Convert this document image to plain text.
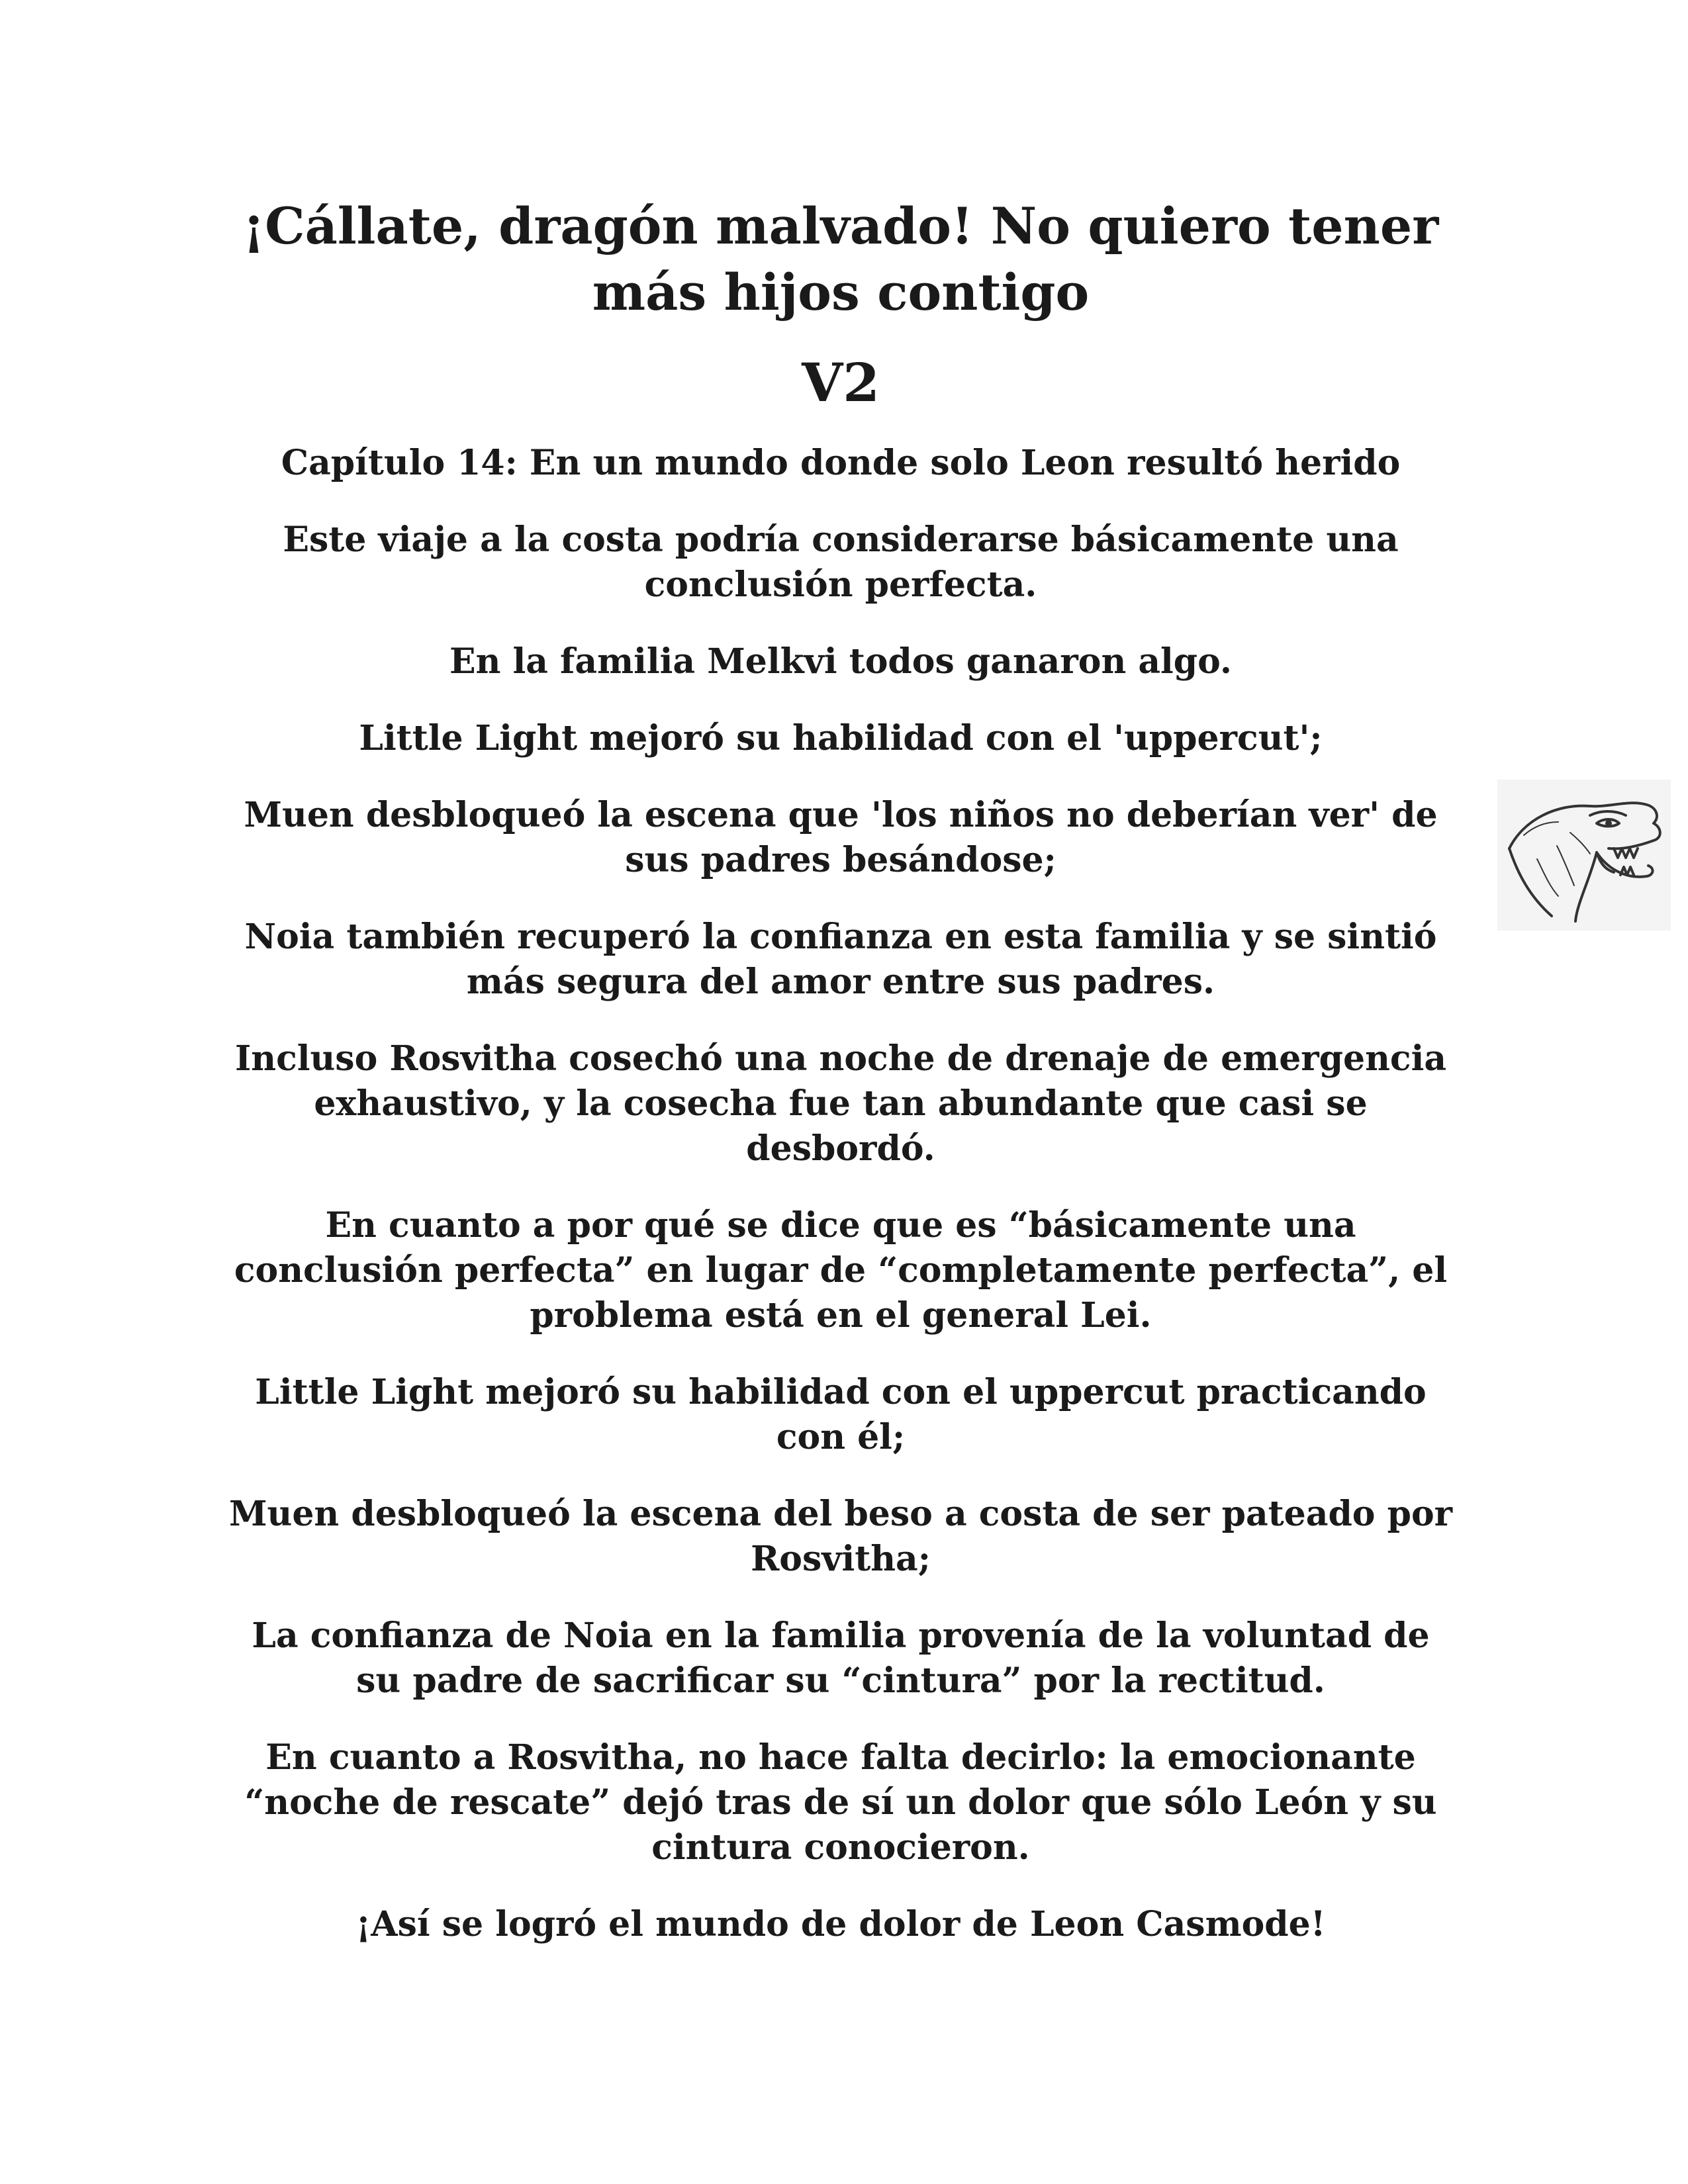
¡Cállate, dragón malvado! No quiero tener más hijos contigo
V2
Capítulo 14: En un mundo donde solo Leon resultó herido

Este viaje a la costa podría considerarse básicamente una conclusión perfecta.

En la familia Melkvi todos ganaron algo.

Little Light mejoró su habilidad con el 'uppercut';

Muen desbloqueó la escena que 'los niños no deberían ver' de sus padres besándose;

Noia también recuperó la confianza en esta familia y se sintió más segura del amor entre sus padres.

Incluso Rosvitha cosechó una noche de drenaje de emergencia exhaustivo, y la cosecha fue tan abundante que casi se desbordó.

En cuanto a por qué se dice que es “básicamente una conclusión perfecta” en lugar de “completamente perfecta”, el problema está en el general Lei.

Little Light mejoró su habilidad con el uppercut practicando con él;

Muen desbloqueó la escena del beso a costa de ser pateado por Rosvitha;

La confianza de Noia en la familia provenía de la voluntad de su padre de sacrificar su “cintura” por la rectitud.

En cuanto a Rosvitha, no hace falta decirlo: la emocionante “noche de rescate” dejó tras de sí un dolor que sólo León y su cintura conocieron.

¡Así se logró el mundo de dolor de Leon Casmode!
